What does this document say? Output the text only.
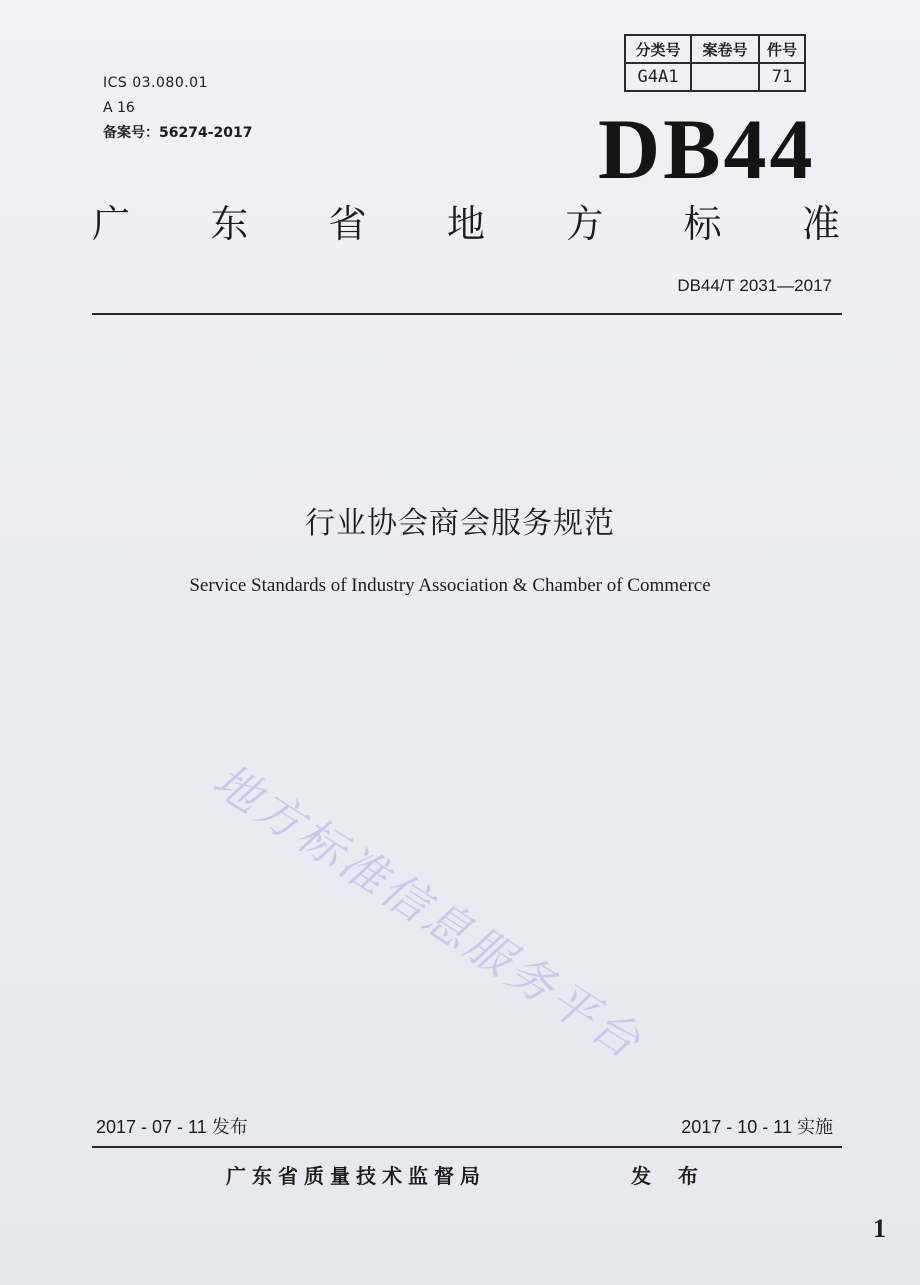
ICS 03.080.01
A 16
备案号：56274-2017
分类号	案卷号	件号
G4A1		71
DB44
广 东 省 地 方 标 准
DB44/T 2031—2017
行业协会商会服务规范
Service Standards of Industry Association & Chamber of Commerce
地方标准信息服务平台
2017 - 07 - 11 发布	2017 - 10 - 11 实施
广东省质量技术监督局	发 布
1
